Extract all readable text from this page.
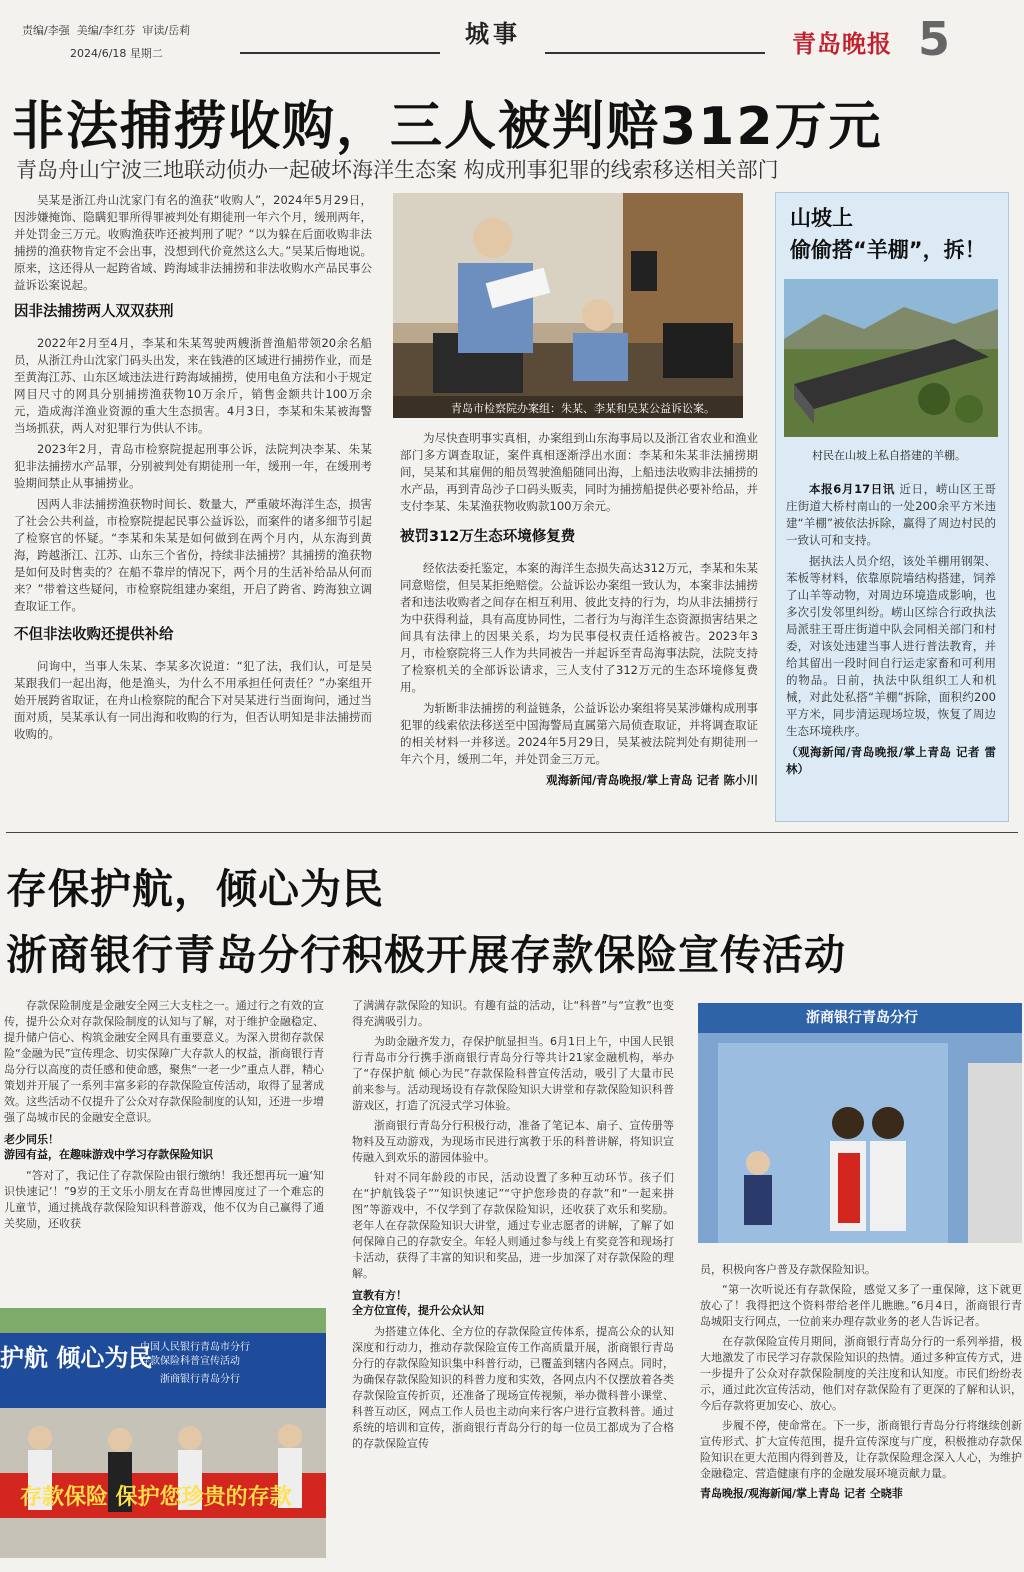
责编/李强  美编/李红芬  审读/岳莉
2024/6/18 星期二
城事	青岛晚报 5
非法捕捞收购，三人被判赔312万元
青岛舟山宁波三地联动侦办一起破坏海洋生态案 构成刑事犯罪的线索移送相关部门

吴某是浙江舟山沈家门有名的渔获“收购人”，2024年5月29日，因涉嫌掩饰、隐瞒犯罪所得罪被判处有期徒刑一年六个月，缓刑两年，并处罚金三万元。收购渔获咋还被判刑了呢？“以为躲在后面收购非法捕捞的渔获物肯定不会出事，没想到代价竟然这么大。”吴某后悔地说。原来，这还得从一起跨省域、跨海域非法捕捞和非法收购水产品民事公益诉讼案说起。

因非法捕捞两人双双获刑

2022年2月至4月，李某和朱某驾驶两艘浙普渔船带领20余名船员，从浙江舟山沈家门码头出发，来在钱港的区域进行捕捞作业，而是至黄海江苏、山东区域违法进行跨海域捕捞，使用电鱼方法和小于规定网目尺寸的网具分别捕捞渔获物10万余斤，销售金额共计100万余元，造成海洋渔业资源的重大生态损害。4月3日，李某和朱某被海警当场抓获，两人对犯罪行为供认不讳。

2023年2月，青岛市检察院提起刑事公诉，法院判决李某、朱某犯非法捕捞水产品罪，分别被判处有期徒刑一年，缓刑一年，在缓刑考验期间禁止从事捕捞业。

因两人非法捕捞渔获物时间长、数量大，严重破坏海洋生态，损害了社会公共利益，市检察院提起民事公益诉讼，而案件的诸多细节引起了检察官的怀疑。“李某和朱某是如何做到在两个月内，从东海到黄海，跨越浙江、江苏、山东三个省份，持续非法捕捞？其捕捞的渔获物是如何及时售卖的？在船不靠岸的情况下，两个月的生活补给品从何而来？”带着这些疑问，市检察院组建办案组，开启了跨省、跨海独立调查取证工作。

不但非法收购还提供补给

问询中，当事人朱某、李某多次说道：“犯了法，我们认，可是吴某跟我们一起出海，他是渔头，为什么不用承担任何责任？”办案组开始开展跨省取证，在舟山检察院的配合下对吴某进行当面询问，通过当面对质，吴某承认有一同出海和收购的行为，但否认明知是非法捕捞而收购的。

青岛市检察院办案组：朱某、李某和吴某公益诉讼案。

为尽快查明事实真相，办案组到山东海事局以及浙江省农业和渔业部门多方调查取证，案件真相逐渐浮出水面：李某和朱某非法捕捞期间，吴某和其雇佣的船员驾驶渔船随同出海，上船违法收购非法捕捞的水产品，再到青岛沙子口码头贩卖，同时为捕捞船提供必要补给品，并支付李某、朱某渔获物收购款100万余元。

被罚312万生态环境修复费

经依法委托鉴定，本案的海洋生态损失高达312万元，李某和朱某同意赔偿，但吴某拒绝赔偿。公益诉讼办案组一致认为，本案非法捕捞者和违法收购者之间存在相互利用、彼此支持的行为，均从非法捕捞行为中获得利益，具有高度协同性，二者行为与海洋生态资源损害结果之间具有法律上的因果关系，均为民事侵权责任适格被告。2023年3月，市检察院将三人作为共同被告一并起诉至青岛海事法院，法院支持了检察机关的全部诉讼请求，三人支付了312万元的生态环境修复费用。

为斩断非法捕捞的利益链条，公益诉讼办案组将吴某涉嫌构成刑事犯罪的线索依法移送至中国海警局直属第六局侦查取证，并将调查取证的相关材料一并移送。2024年5月29日，吴某被法院判处有期徒刑一年六个月，缓刑二年，并处罚金三万元。

观海新闻/青岛晚报/掌上青岛 记者 陈小川
山坡上
偷偷搭“羊棚”，拆！
村民在山坡上私自搭建的羊棚。

本报6月17日讯 近日，崂山区王哥庄街道大桥村南山的一处200余平方米违建“羊棚”被依法拆除，赢得了周边村民的一致认可和支持。

据执法人员介绍，该处羊棚用钢架、苯板等材料，依靠原院墙结构搭建，饲养了山羊等动物，对周边环境造成影响，也多次引发邻里纠纷。崂山区综合行政执法局派驻王哥庄街道中队会同相关部门和村委，对该处违建当事人进行普法教育，并给其留出一段时间自行运走家畜和可利用的物品。日前，执法中队组织工人和机械，对此处私搭“羊棚”拆除，面积约200平方米，同步清运现场垃圾，恢复了周边生态环境秩序。

（观海新闻/青岛晚报/掌上青岛 记者 雷林）
存保护航，倾心为民
浙商银行青岛分行积极开展存款保险宣传活动

存款保险制度是金融安全网三大支柱之一。通过行之有效的宣传，提升公众对存款保险制度的认知与了解，对于维护金融稳定、提升储户信心、构筑金融安全网具有重要意义。为深入贯彻存款保险“金融为民”宣传理念、切实保障广大存款人的权益，浙商银行青岛分行以高度的责任感和使命感，聚焦“一老一少”重点人群，精心策划并开展了一系列丰富多彩的存款保险宣传活动，取得了显著成效。这些活动不仅提升了公众对存款保险制度的认知，还进一步增强了岛城市民的金融安全意识。

老少同乐！
游园有益，在趣味游戏中学习存款保险知识

“答对了，我记住了存款保险由银行缴纳！我还想再玩一遍‘知识快速记’！”9岁的王文乐小朋友在青岛世博园度过了一个难忘的儿童节，通过挑战存款保险知识科普游戏，他不仅为自己赢得了通关奖励，还收获

护航 倾心为民
中国人民银行青岛市分行
存款保险科普宣传活动
浙商银行青岛分行
存款保险 保护您珍贵的存款

了满满存款保险的知识。有趣有益的活动，让“科普”与“宣教”也变得充满吸引力。

为助金融齐发力，存保护航显担当。6月1日上午，中国人民银行青岛市分行携手浙商银行青岛分行等共计21家金融机构，举办了“存保护航 倾心为民”存款保险科普宣传活动，吸引了大量市民前来参与。活动现场设有存款保险知识大讲堂和存款保险知识科普游戏区，打造了沉浸式学习体验。

浙商银行青岛分行积极行动，准备了笔记本、扇子、宣传册等物料及互动游戏，为现场市民进行寓教于乐的科普讲解，将知识宣传融入到欢乐的游园体验中。

针对不同年龄段的市民，活动设置了多种互动环节。孩子们在“护航钱袋子”“知识快速记”“守护您珍贵的存款”和“一起来拼图”等游戏中，不仅学到了存款保险知识，还收获了欢乐和奖励。老年人在存款保险知识大讲堂，通过专业志愿者的讲解，了解了如何保障自己的存款安全。年轻人则通过参与线上有奖竞答和现场打卡活动，获得了丰富的知识和奖品，进一步加深了对存款保险的理解。

宣教有方！
全方位宣传，提升公众认知

为搭建立体化、全方位的存款保险宣传体系，提高公众的认知深度和行动力，推动存款保险宣传工作高质量开展，浙商银行青岛分行的存款保险知识集中科普行动，已覆盖到辖内各网点。同时，为确保存款保险知识的科普力度和实效，各网点内不仅摆放着各类存款保险宣传折页，还准备了现场宣传视频，举办微科普小课堂、科普互动区，网点工作人员也主动向来行客户进行宣教科普。通过系统的培训和宣传，浙商银行青岛分行的每一位员工都成为了合格的存款保险宣传

浙商银行青岛分行

员，积极向客户普及存款保险知识。

“第一次听说还有存款保险，感觉又多了一重保障，这下就更放心了！我得把这个资料带给老伴儿瞧瞧。”6月4日，浙商银行青岛城阳支行网点，一位前来办理存款业务的老人告诉记者。

在存款保险宣传月期间，浙商银行青岛分行的一系列举措，极大地激发了市民学习存款保险知识的热情。通过多种宣传方式，进一步提升了公众对存款保险制度的关注度和认知度。市民们纷纷表示，通过此次宣传活动，他们对存款保险有了更深的了解和认识，今后存款将更加安心、放心。

步履不停，使命常在。下一步，浙商银行青岛分行将继续创新宣传形式、扩大宣传范围，提升宣传深度与广度，积极推动存款保险知识在更大范围内得到普及，让存款保险理念深入人心，为维护金融稳定、营造健康有序的金融发展环境贡献力量。

青岛晚报/观海新闻/掌上青岛 记者 仝晓菲
